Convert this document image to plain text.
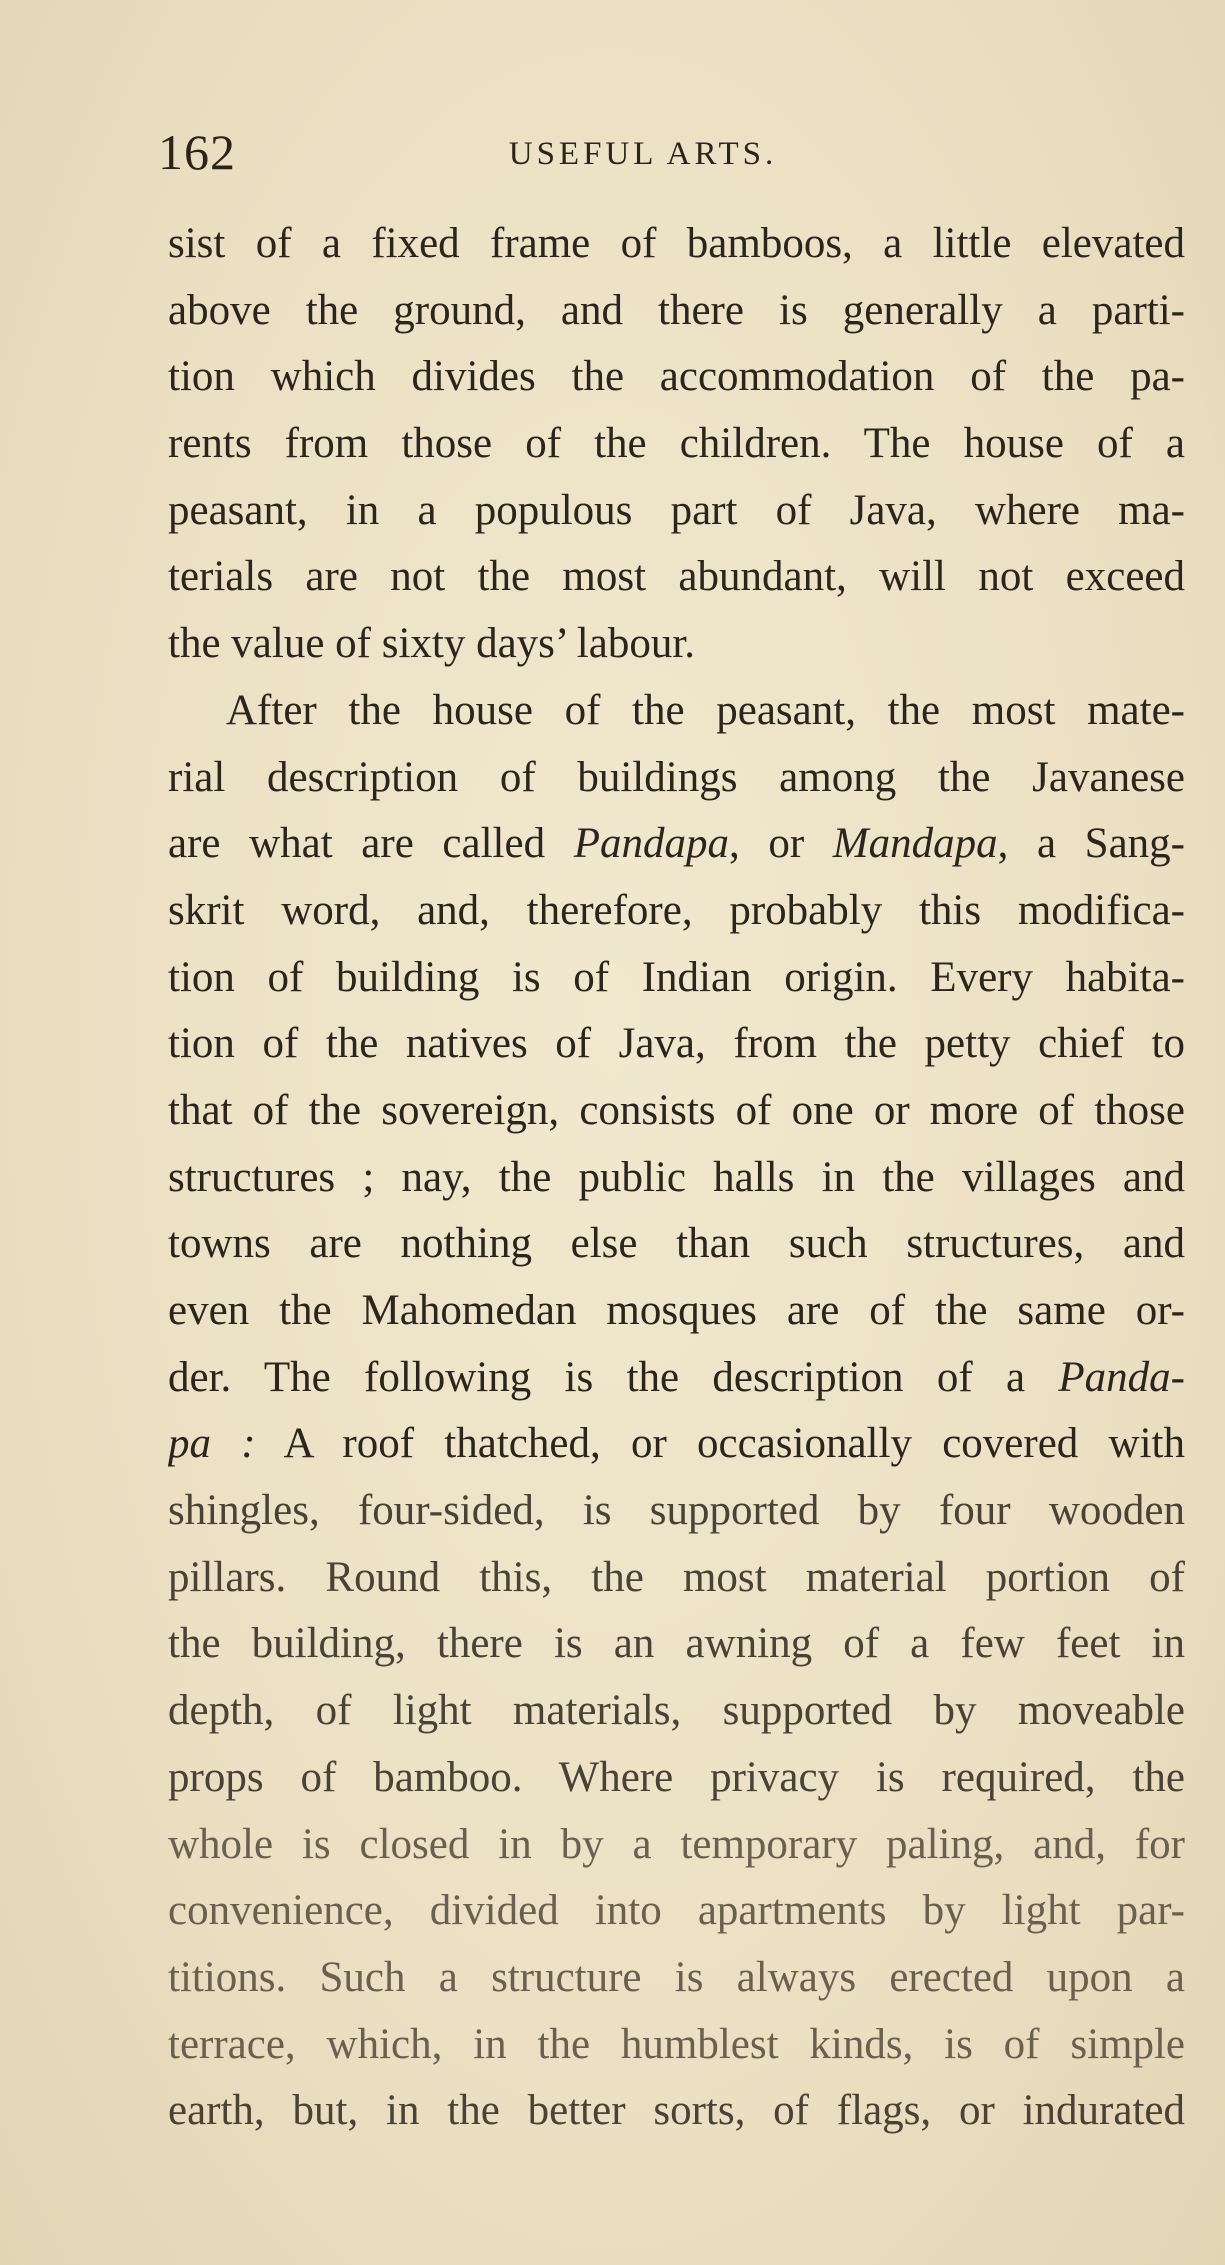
162	USEFUL ARTS.
sist of a fixed frame of bamboos, a little elevated
above the ground, and there is generally a parti-
tion which divides the accommodation of the pa-
rents from those of the children. The house of a
peasant, in a populous part of Java, where ma-
terials are not the most abundant, will not exceed
the value of sixty days’ labour.
After the house of the peasant, the most mate-
rial description of buildings among the Javanese
are what are called Pandapa, or Mandapa, a Sang-
skrit word, and, therefore, probably this modifica-
tion of building is of Indian origin. Every habita-
tion of the natives of Java, from the petty chief to
that of the sovereign, consists of one or more of those
structures ; nay, the public halls in the villages and
towns are nothing else than such structures, and
even the Mahomedan mosques are of the same or-
der. The following is the description of a Panda-
pa : A roof thatched, or occasionally covered with
shingles, four-sided, is supported by four wooden
pillars. Round this, the most material portion of
the building, there is an awning of a few feet in
depth, of light materials, supported by moveable
props of bamboo. Where privacy is required, the
whole is closed in by a temporary paling, and, for
convenience, divided into apartments by light par-
titions. Such a structure is always erected upon a
terrace, which, in the humblest kinds, is of simple
earth, but, in the better sorts, of flags, or indurated
